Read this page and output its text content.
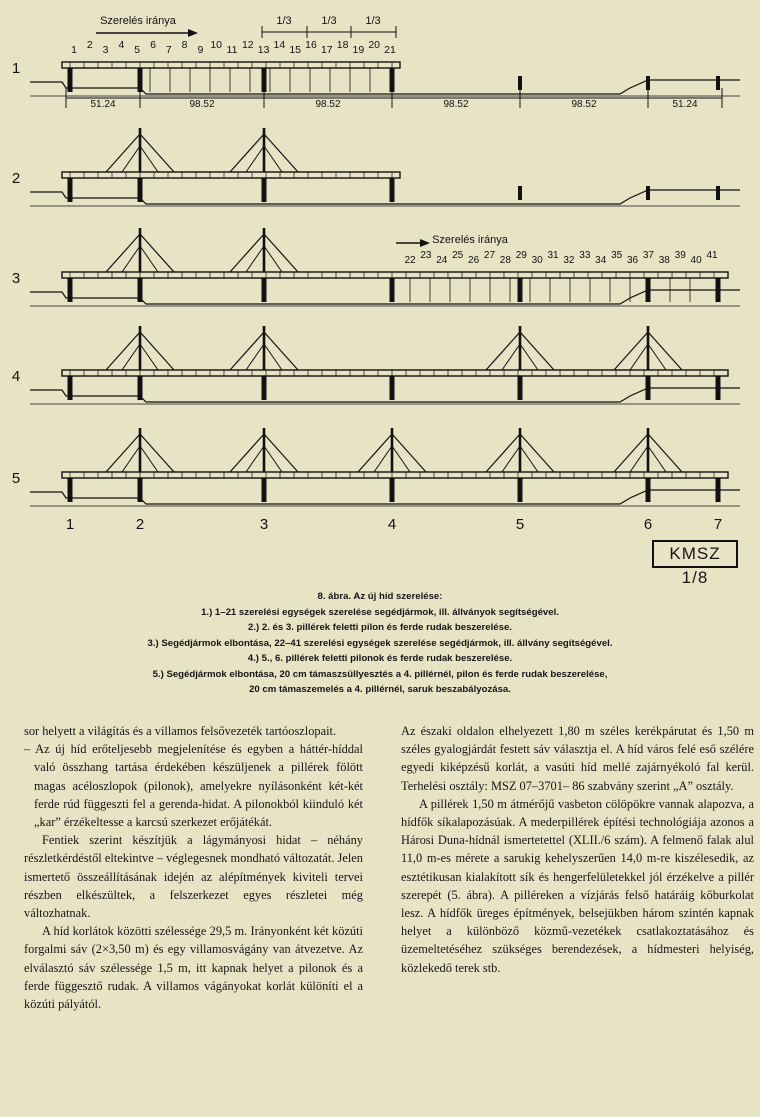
51.24	98.52	98.52	98.52	98.52	51.24
Szerelés iránya	1/3	1/3	1/3
1 2 3 4 5 6 7 8 9 10 11 12 13 14 15 16 17 18 19 20 21
Szerelés iránya
22 23 24 25 26 27 28 29 30 31 32 33 34 35 36 37 38 39 40 41
1
2
3
4
5
1	2	3	4	5	6	7
KMSZ 1/8
8. ábra. Az új híd szerelése:
1.) 1–21 szerelési egységek szerelése segédjármok, ill. állványok segítségével.
2.) 2. és 3. pillérek feletti pilon és ferde rudak beszerelése.
3.) Segédjármok elbontása, 22–41 szerelési egységek szerelése segédjármok, ill. állvány segítségével.
4.) 5., 6. pillérek feletti pilonok és ferde rudak beszerelése.
5.) Segédjármok elbontása, 20 cm támaszsüllyesztés a 4. pillérnél, pilon és ferde rudak beszerelése,
20 cm támaszemelés a 4. pillérnél, saruk beszabályozása.

sor helyett a világítás és a villamos felsővezeték tartóoszlopait.

– Az új híd erőteljesebb megjelenítése és egyben a háttér-híddal való összhang tartása érdekében készüljenek a pillérek fölött magas acéloszlopok (pilonok), amelyekre nyílásonként két-két ferde rúd függeszti fel a gerenda-hidat. A pilonokból kiinduló két „kar” érzékeltesse a karcsú szerkezet erőjátékát.

Fentiek szerint készítjük a lágymányosi hidat – néhány részletkérdéstől eltekintve – véglegesnek mondható változatát. Jelen ismertető összeállításának idején az alépítmények kiviteli tervei részben elkészültek, a felszerkezet egyes részletei még változhatnak.

A híd korlátok közötti szélessége 29,5 m. Irányonként két közúti forgalmi sáv (2×3,50 m) és egy villamosvágány van átvezetve. Az elválasztó sáv szélessége 1,5 m, itt kapnak helyet a pilonok és a ferde függesztő rudak. A villamos vágányokat korlát különíti el a közúti pályától.

Az északi oldalon elhelyezett 1,80 m széles kerékpárutat és 1,50 m széles gyalogjárdát festett sáv választja el. A híd város felé eső szélére egyedi kiképzésű korlát, a vasúti híd mellé zajárnyékoló fal kerül. Terhelési osztály: MSZ 07–3701– 86 szabvány szerint „A” osztály.

A pillérek 1,50 m átmérőjű vasbeton cölöpökre vannak alapozva, a hídfők síkalapozásúak. A mederpillérek építési technológiája azonos a Hárosi Duna-hídnál ismertetettel (XLII./6 szám). A felmenő falak alul 11,0 m-es mérete a sarukig kehelyszerűen 14,0 m-re kiszélesedik, az esztétikusan kialakított sík és hengerfelületekkel jól érzékelve a pillér szerepét (5. ábra). A pilléreken a vízjárás felső határáig kőburkolat lesz. A hídfők üreges építmények, belsejükben három szintén kapnak helyet a különböző közmű-vezetékek csatlakoztatásához és üzemeltetéséhez szükséges berendezések, a hídmesteri helyiség, közlekedő terek stb.
